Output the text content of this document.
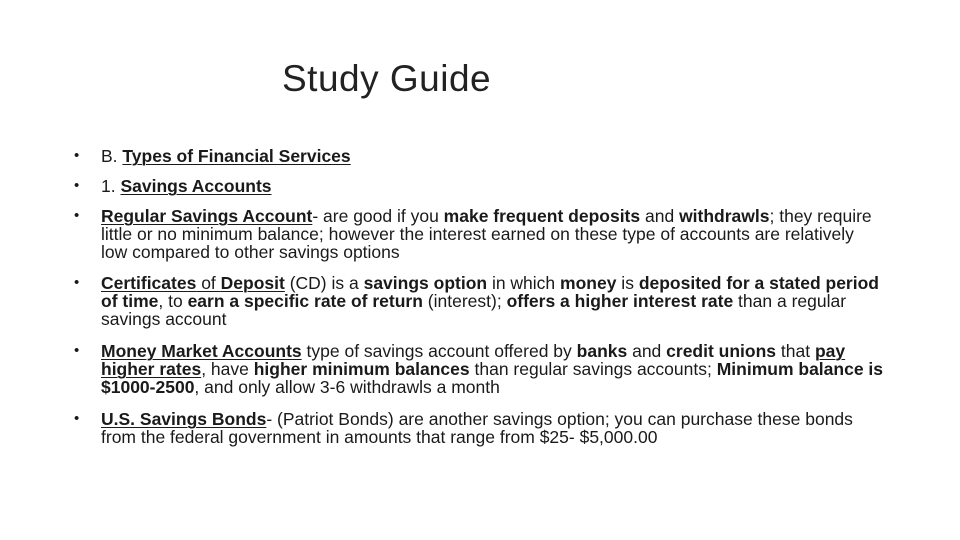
Study Guide
• B. Types of Financial Services
• 1. Savings Accounts
• Regular Savings Account- are good if you make frequent deposits and withdrawls; they require little or no minimum balance; however the interest earned on these type of accounts are relatively low compared to other savings options
• Certificates of Deposit (CD) is a savings option in which money is deposited for a stated period of time, to earn a specific rate of return (interest); offers a higher interest rate than a regular savings account
• Money Market Accounts type of savings account offered by banks and credit unions that pay higher rates, have higher minimum balances than regular savings accounts; Minimum balance is $1000-2500, and only allow 3-6 withdrawls a month
• U.S. Savings Bonds- (Patriot Bonds) are another savings option; you can purchase these bonds from the federal government in amounts that range from $25- $5,000.00
